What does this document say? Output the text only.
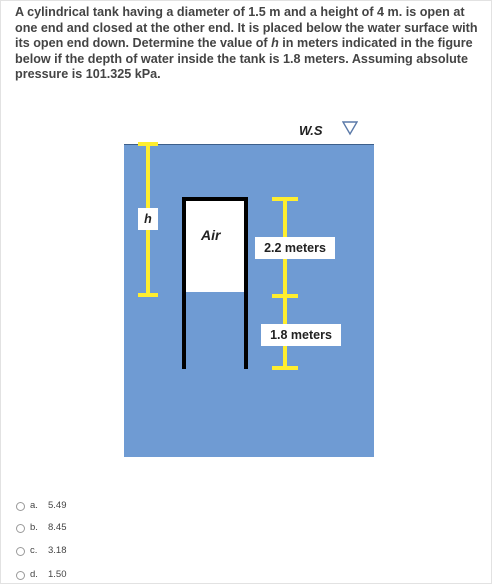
A cylindrical tank having a diameter of 1.5 m and a height of 4 m. is open at one end and closed at the other end. It is placed below the water surface with its open end down. Determine the value of h in meters indicated in the figure below if the depth of water inside the tank is 1.8 meters. Assuming absolute pressure is 101.325 kPa.

W.S
h
Air
2.2 meters
1.8 meters
a. 5.49
b. 8.45
c. 3.18
d. 1.50
